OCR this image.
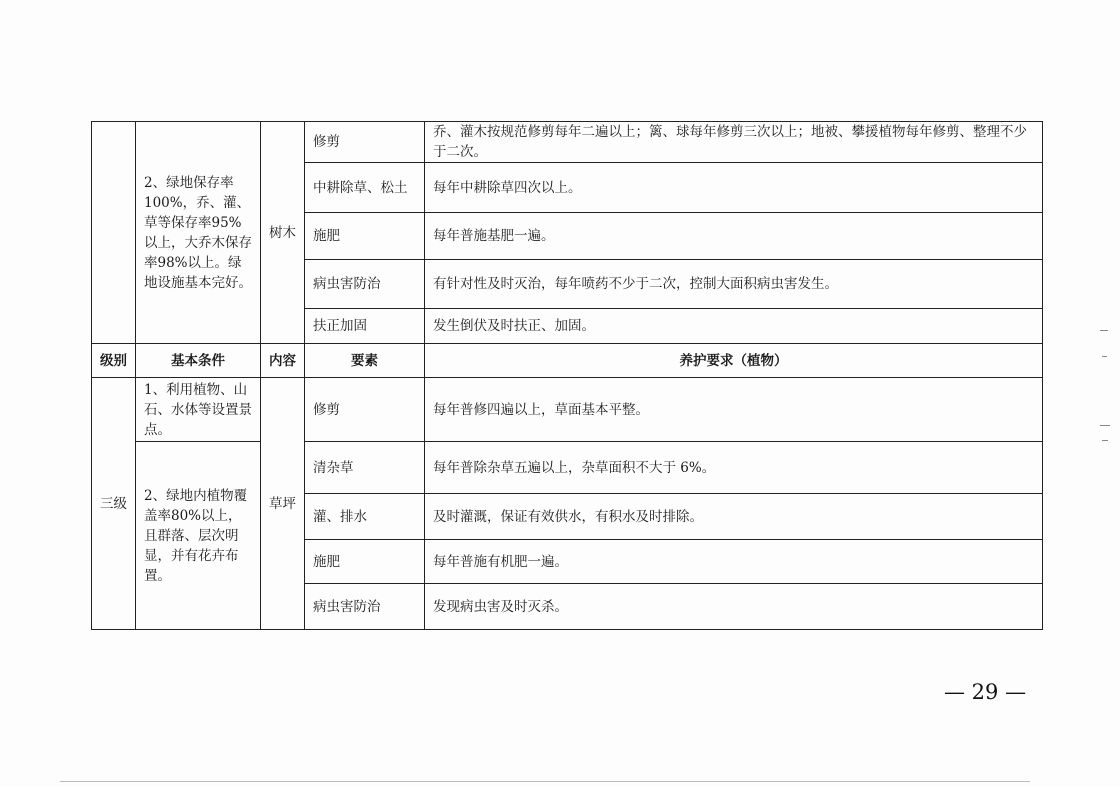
	2、绿地保存率100%，乔、灌、草等保存率95%以上，大乔木保存率98%以上。绿地设施基本完好。	树木	修剪	乔、灌木按规范修剪每年二遍以上；篱、球每年修剪三次以上；地被、攀援植物每年修剪、整理不少于二次。
			中耕除草、松土	每年中耕除草四次以上。
			施肥	每年普施基肥一遍。
			病虫害防治	有针对性及时灭治，每年喷药不少于二次，控制大面积病虫害发生。
			扶正加固	发生倒伏及时扶正、加固。
级别	基本条件	内容	要素	养护要求（植物）
三级	1、利用植物、山石、水体等设置景点。	草坪	修剪	每年普修四遍以上，草面基本平整。
	2、绿地内植物覆盖率80%以上，且群落、层次明显，并有花卉布置。		清杂草	每年普除杂草五遍以上，杂草面积不大于 6%。
			灌、排水	及时灌溉，保证有效供水，有积水及时排除。
			施肥	每年普施有机肥一遍。
			病虫害防治	发现病虫害及时灭杀。
— 29 —
